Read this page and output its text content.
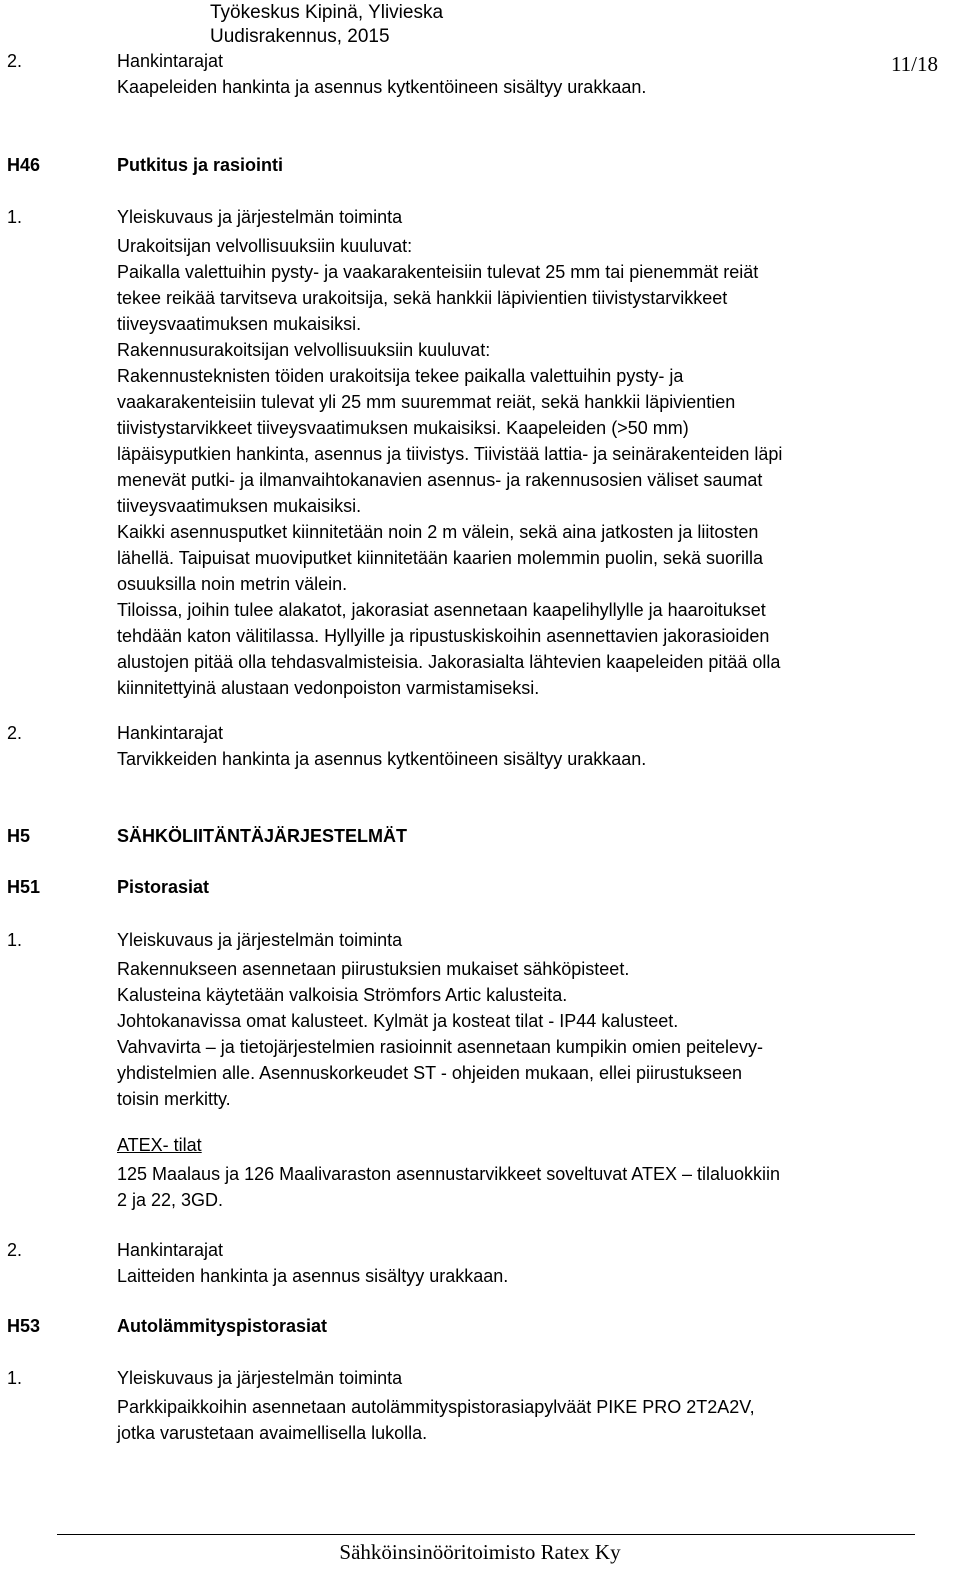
Työkeskus Kipinä, Ylivieska
Uudisrakennus, 2015
11/18
2.	Hankintarajat
Kaapeleiden hankinta ja asennus kytkentöineen sisältyy urakkaan.
H46	Putkitus ja rasiointi
1.	Yleiskuvaus ja järjestelmän toiminta
Urakoitsijan velvollisuuksiin kuuluvat:
Paikalla valettuihin pysty- ja vaakarakenteisiin tulevat 25 mm tai pienemmät reiät
tekee reikää tarvitseva urakoitsija, sekä hankkii läpivientien tiivistystarvikkeet
tiiveysvaatimuksen mukaisiksi.
Rakennusurakoitsijan velvollisuuksiin kuuluvat:
Rakennusteknisten töiden urakoitsija tekee paikalla valettuihin pysty- ja
vaakarakenteisiin tulevat yli 25 mm suuremmat reiät, sekä hankkii läpivientien
tiivistystarvikkeet tiiveysvaatimuksen mukaisiksi. Kaapeleiden (>50 mm)
läpäisyputkien hankinta, asennus ja tiivistys. Tiivistää lattia- ja seinärakenteiden läpi
menevät putki- ja ilmanvaihtokanavien asennus- ja rakennusosien väliset saumat
tiiveysvaatimuksen mukaisiksi.
Kaikki asennusputket kiinnitetään noin 2 m välein, sekä aina jatkosten ja liitosten
lähellä. Taipuisat muoviputket kiinnitetään kaarien molemmin puolin, sekä suorilla
osuuksilla noin metrin välein.
Tiloissa, joihin tulee alakatot, jakorasiat asennetaan kaapelihyllylle ja haaroitukset
tehdään katon välitilassa. Hyllyille ja ripustuskiskoihin asennettavien jakorasioiden
alustojen pitää olla tehdasvalmisteisia. Jakorasialta lähtevien kaapeleiden pitää olla
kiinnitettyinä alustaan vedonpoiston varmistamiseksi.
2.	Hankintarajat
Tarvikkeiden hankinta ja asennus kytkentöineen sisältyy urakkaan.
H5	SÄHKÖLIITÄNTÄJÄRJESTELMÄT
H51	Pistorasiat
1.	Yleiskuvaus ja järjestelmän toiminta
Rakennukseen asennetaan piirustuksien mukaiset sähköpisteet.
Kalusteina käytetään valkoisia Strömfors Artic kalusteita.
Johtokanavissa omat kalusteet. Kylmät ja kosteat tilat - IP44 kalusteet.
Vahvavirta – ja tietojärjestelmien rasioinnit asennetaan kumpikin omien peitelevy-
yhdistelmien alle. Asennuskorkeudet ST - ohjeiden mukaan, ellei piirustukseen
toisin merkitty.
ATEX- tilat
125 Maalaus ja 126 Maalivaraston asennustarvikkeet soveltuvat ATEX – tilaluokkiin
2 ja 22, 3GD.
2.	Hankintarajat
Laitteiden hankinta ja asennus sisältyy urakkaan.
H53	Autolämmityspistorasiat
1.	Yleiskuvaus ja järjestelmän toiminta
Parkkipaikkoihin asennetaan autolämmityspistorasiapylväät PIKE PRO 2T2A2V,
jotka varustetaan avaimellisella lukolla.
Sähköinsinööritoimisto Ratex Ky
